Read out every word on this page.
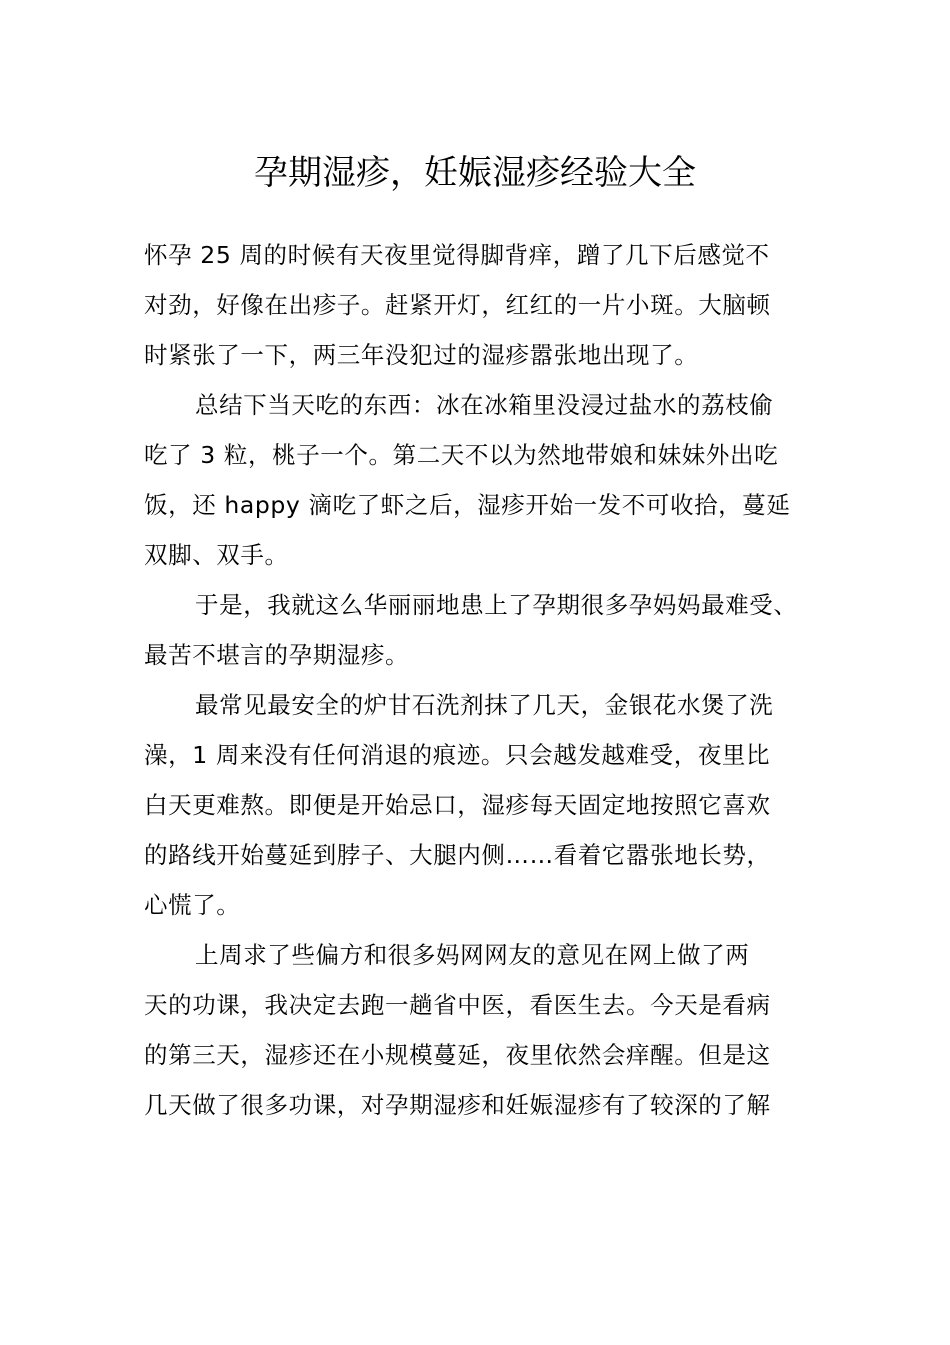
孕期湿疹，妊娠湿疹经验大全
怀孕 25 周的时候有天夜里觉得脚背痒，蹭了几下后感觉不
对劲，好像在出疹子。赶紧开灯，红红的一片小斑。大脑顿
时紧张了一下，两三年没犯过的湿疹嚣张地出现了。
总结下当天吃的东西：冰在冰箱里没浸过盐水的荔枝偷
吃了 3 粒，桃子一个。第二天不以为然地带娘和妹妹外出吃
饭，还 happy 滴吃了虾之后，湿疹开始一发不可收拾，蔓延
双脚、双手。
于是，我就这么华丽丽地患上了孕期很多孕妈妈最难受、
最苦不堪言的孕期湿疹。
最常见最安全的炉甘石洗剂抹了几天，金银花水煲了洗
澡，1 周来没有任何消退的痕迹。只会越发越难受，夜里比
白天更难熬。即便是开始忌口，湿疹每天固定地按照它喜欢
的路线开始蔓延到脖子、大腿内侧……看着它嚣张地长势，
心慌了。
上周求了些偏方和很多妈网网友的意见在网上做了两
天的功课，我决定去跑一趟省中医，看医生去。今天是看病
的第三天，湿疹还在小规模蔓延，夜里依然会痒醒。但是这
几天做了很多功课，对孕期湿疹和妊娠湿疹有了较深的了解
